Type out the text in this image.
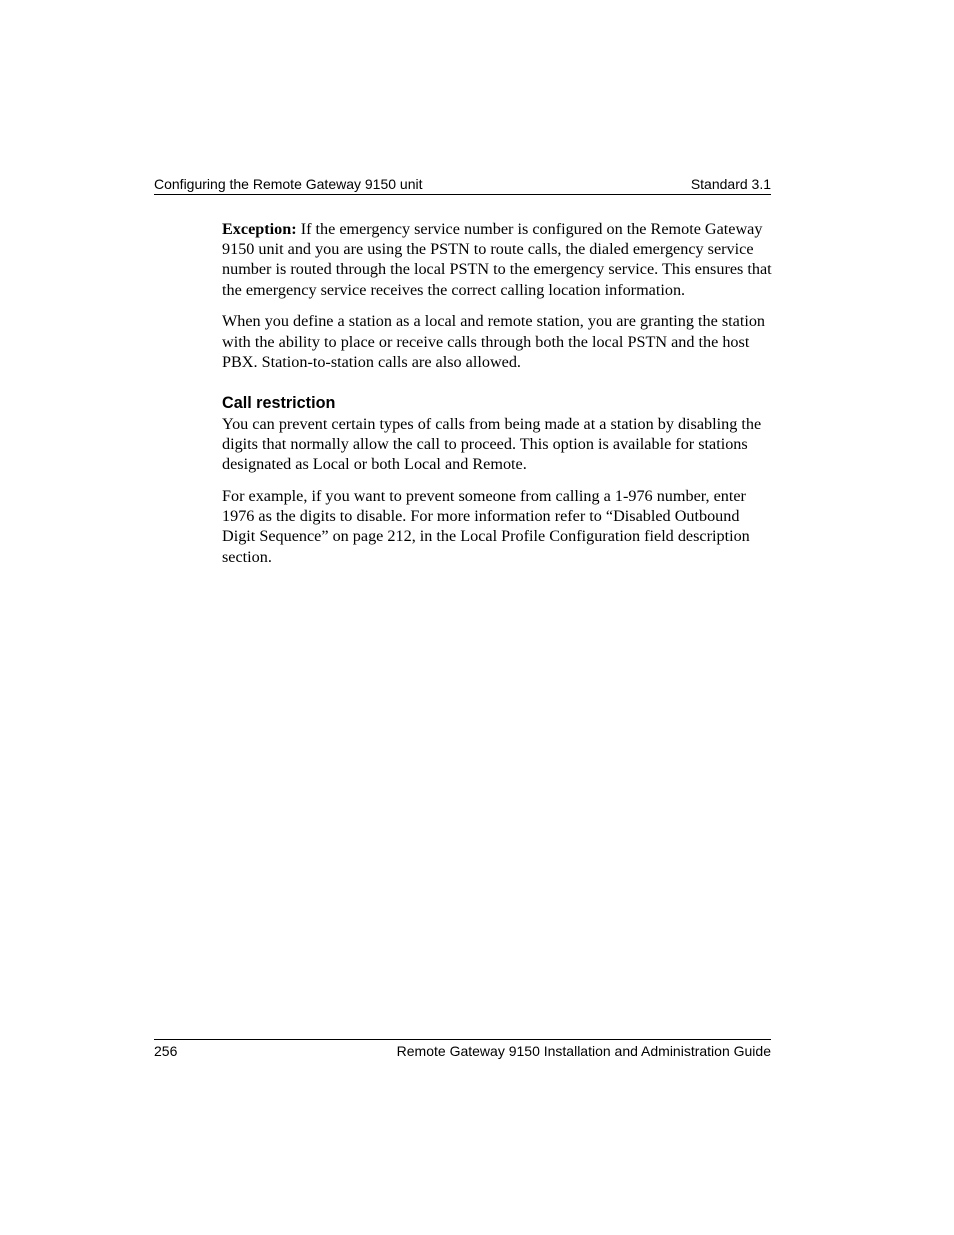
Configuring the Remote Gateway 9150 unit	Standard 3.1

Exception: If the emergency service number is configured on the Remote Gateway 9150 unit and you are using the PSTN to route calls, the dialed emergency service number is routed through the local PSTN to the emergency service. This ensures that the emergency service receives the correct calling location information.

When you define a station as a local and remote station, you are granting the station with the ability to place or receive calls through both the local PSTN and the host PBX. Station-to-station calls are also allowed.

Call restriction

You can prevent certain types of calls from being made at a station by disabling the digits that normally allow the call to proceed. This option is available for stations designated as Local or both Local and Remote.

For example, if you want to prevent someone from calling a 1-976 number, enter 1976 as the digits to disable. For more information refer to “Disabled Outbound Digit Sequence” on page 212, in the Local Profile Configuration field description section.

256	Remote Gateway 9150 Installation and Administration Guide
